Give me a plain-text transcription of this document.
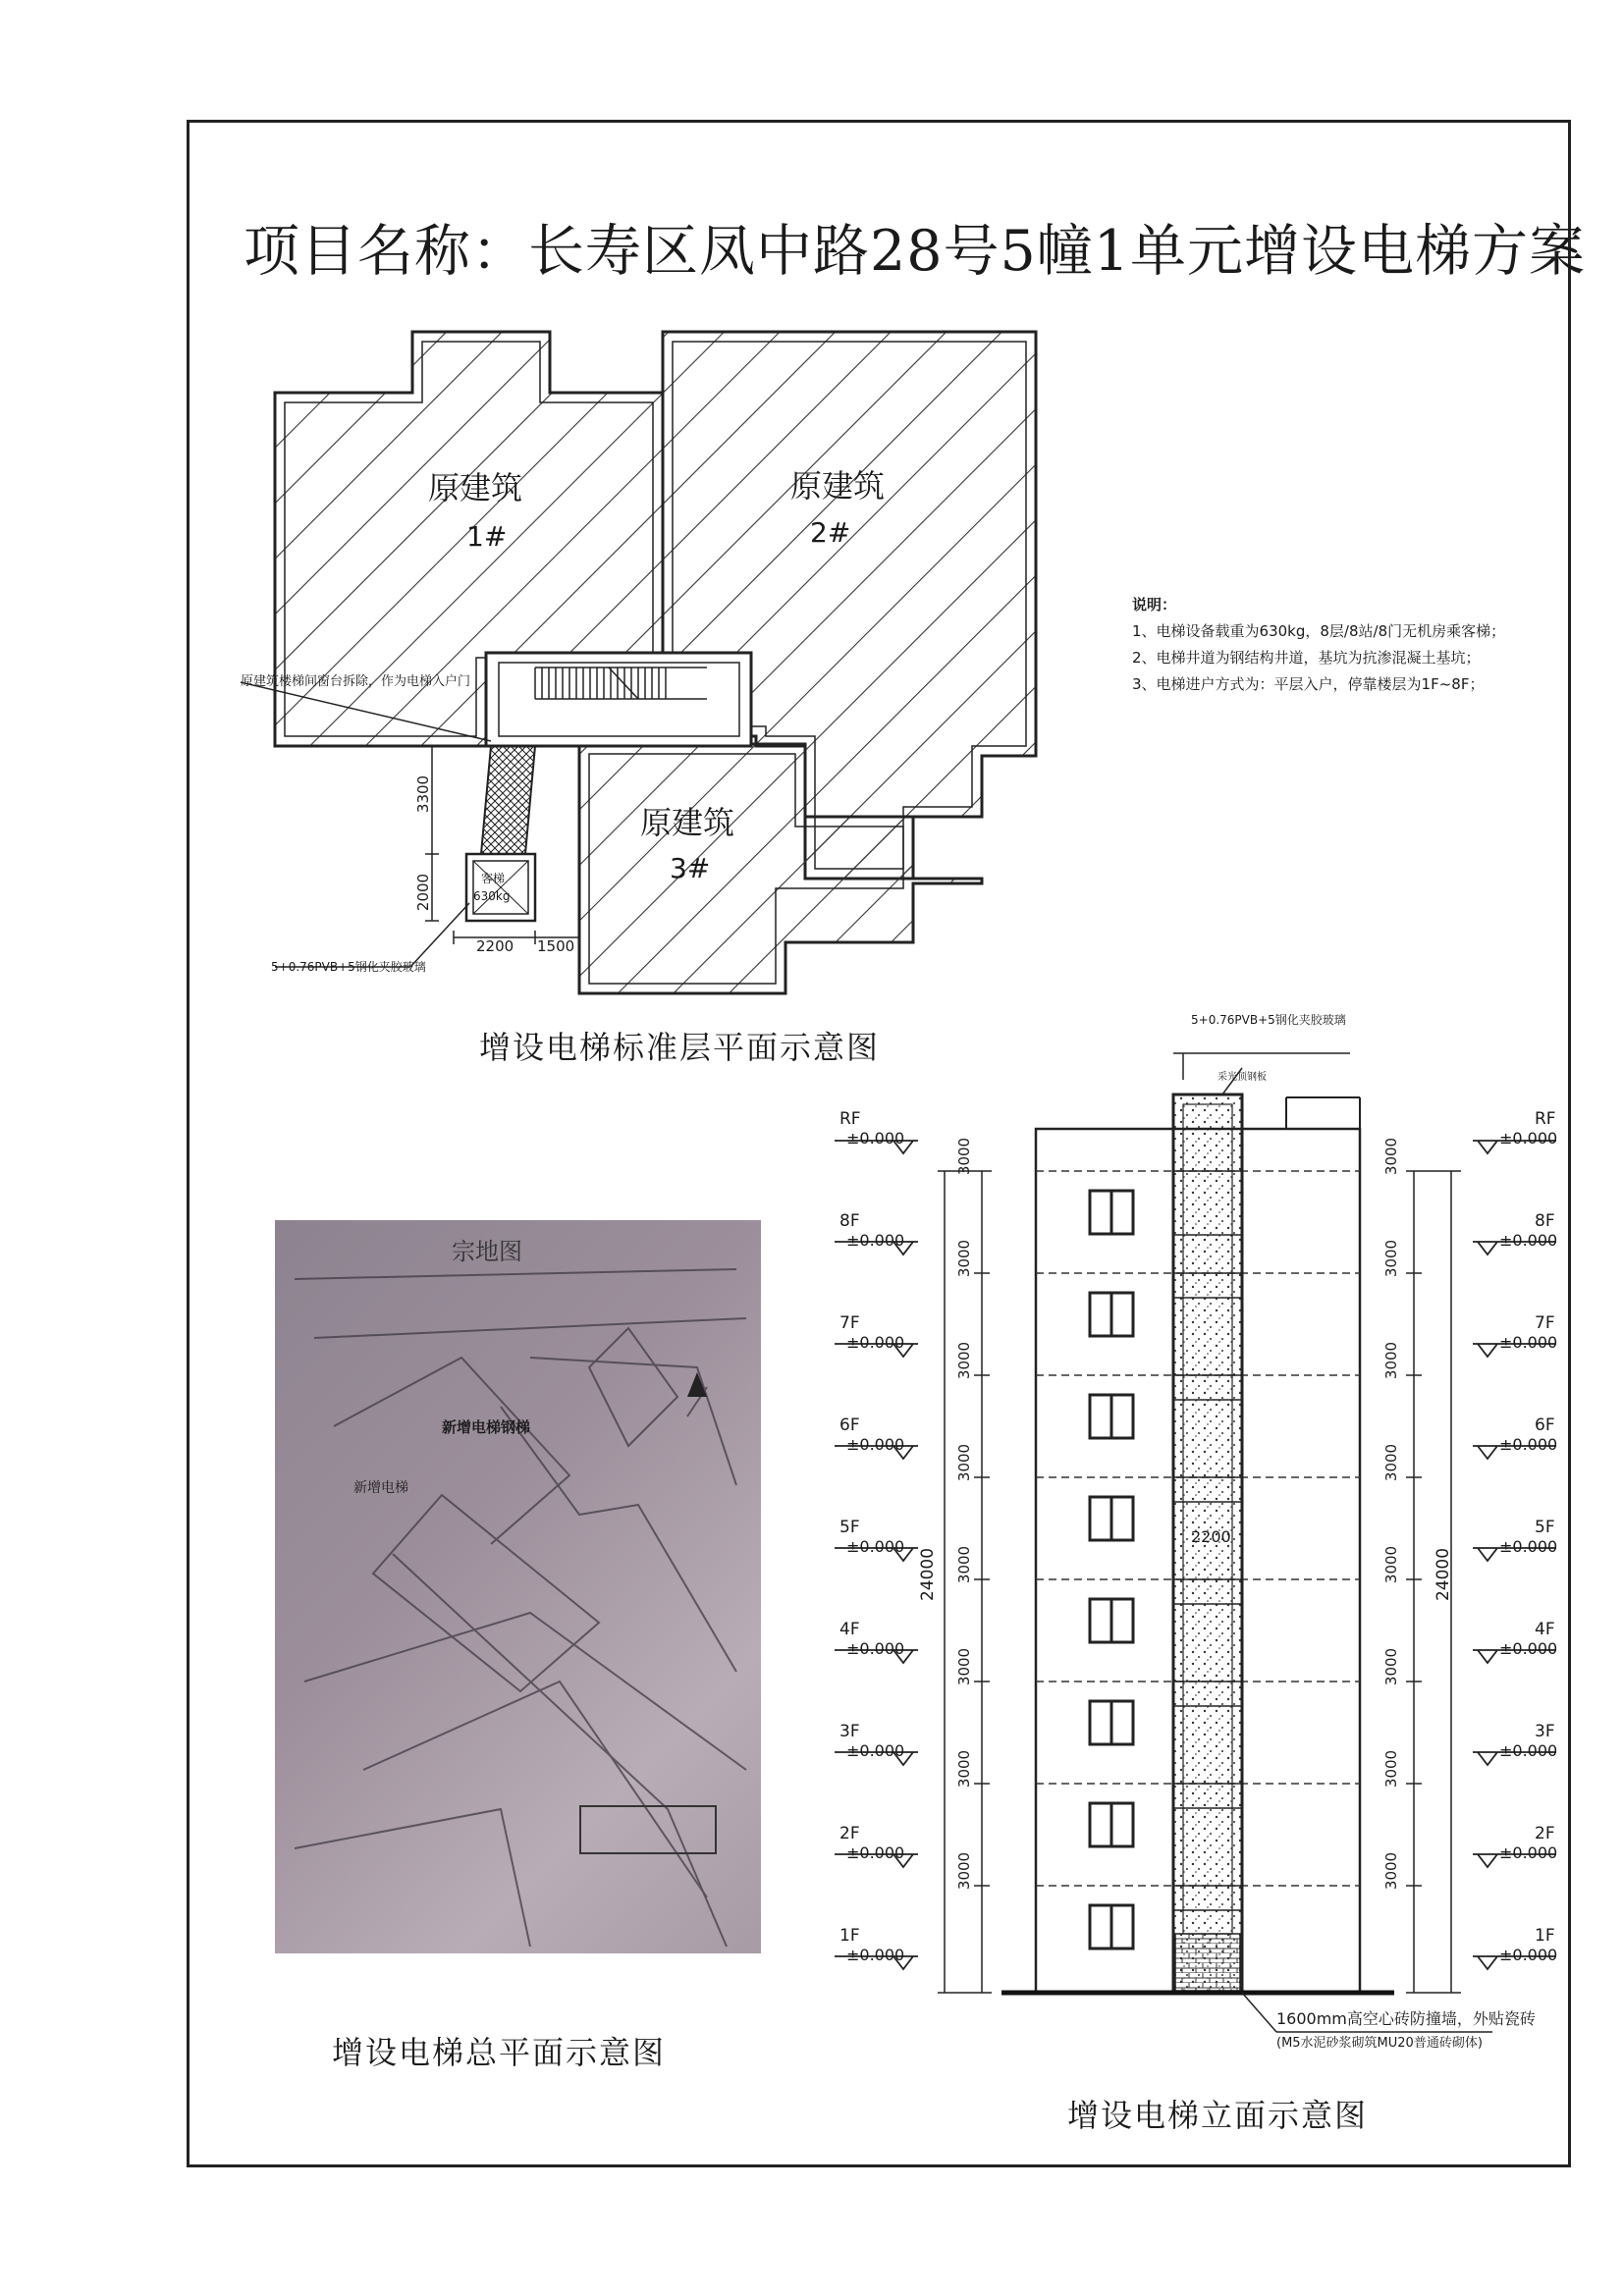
项目名称：长寿区凤中路28号5幢1单元增设电梯方案
原建筑
1#
原建筑
2#
原建筑
3#
原建筑楼梯间窗台拆除，作为电梯入户门
客梯
630kg
5+0.76PVB+5钢化夹胶玻璃
3300
2000
2200 1500
增设电梯标准层平面示意图
说明：
1、电梯设备载重为630kg，8层/8站/8门无机房乘客梯；
2、电梯井道为钢结构井道，基坑为抗渗混凝土基坑；
3、电梯进户方式为：平层入户，停靠楼层为1F~8F；
宗地图
新增电梯钢梯
新增电梯
增设电梯总平面示意图
5+0.76PVB+5钢化夹胶玻璃
采光顶钢板
2200
1600mm高空心砖防撞墙，外贴瓷砖
(M5水泥砂浆砌筑MU20普通砖砌体)
24000	24000
RF
±0.000
RF
±0.000
8F
±0.000
8F
±0.000
3000	3000
7F
±0.000
7F
±0.000
3000	3000
6F
±0.000
6F
±0.000
3000	3000
5F
±0.000
5F
±0.000
3000	3000
4F
±0.000
4F
±0.000
3000	3000
3F
±0.000
3F
±0.000
3000	3000
2F
±0.000
2F
±0.000
3000	3000
1F
±0.000
1F
±0.000
3000	3000
增设电梯立面示意图
